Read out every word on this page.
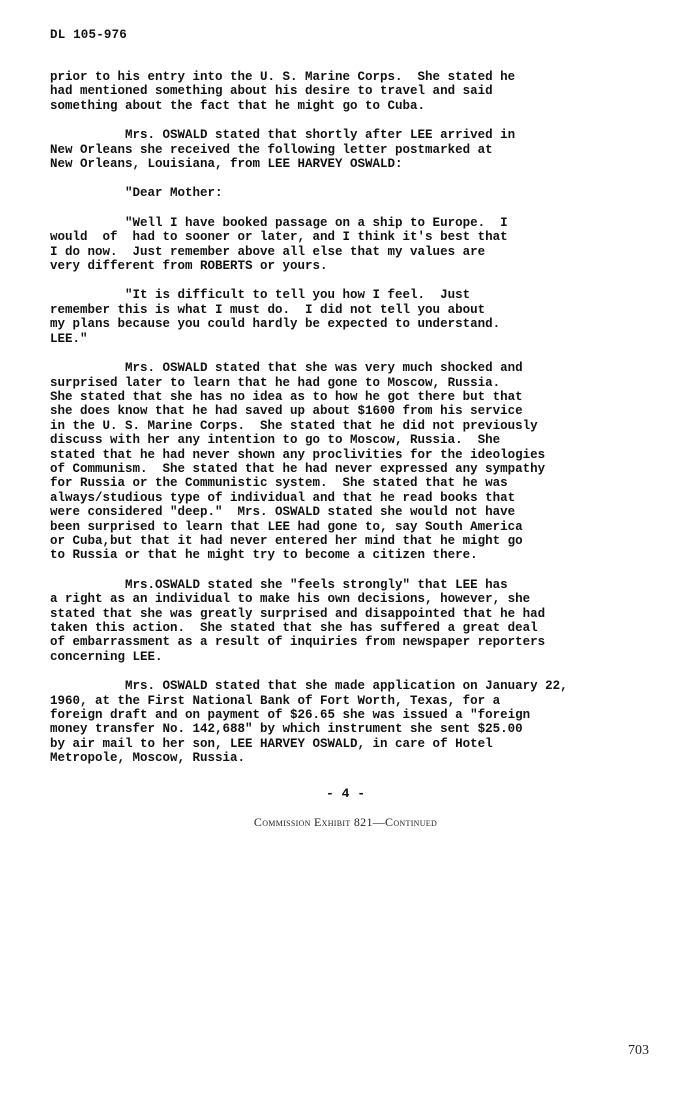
DL 105-976

prior to his entry into the U. S. Marine Corps.  She stated he
had mentioned something about his desire to travel and said
something about the fact that he might go to Cuba.

Mrs. OSWALD stated that shortly after LEE arrived in
New Orleans she received the following letter postmarked at
New Orleans, Louisiana, from LEE HARVEY OSWALD:

"Dear Mother:

"Well I have booked passage on a ship to Europe.  I
would  of  had to sooner or later, and I think it's best that
I do now.  Just remember above all else that my values are
very different from ROBERTS or yours.

"It is difficult to tell you how I feel.  Just
remember this is what I must do.  I did not tell you about
my plans because you could hardly be expected to understand.
LEE."

Mrs. OSWALD stated that she was very much shocked and
surprised later to learn that he had gone to Moscow, Russia.
She stated that she has no idea as to how he got there but that
she does know that he had saved up about $1600 from his service
in the U. S. Marine Corps.  She stated that he did not previously
discuss with her any intention to go to Moscow, Russia.  She
stated that he had never shown any proclivities for the ideologies
of Communism.  She stated that he had never expressed any sympathy
for Russia or the Communistic system.  She stated that he was
always/studious type of individual and that he read books that
were considered "deep."  Mrs. OSWALD stated she would not have
been surprised to learn that LEE had gone to, say South America
or Cuba,but that it had never entered her mind that he might go
to Russia or that he might try to become a citizen there.

Mrs.OSWALD stated she "feels strongly" that LEE has
a right as an individual to make his own decisions, however, she
stated that she was greatly surprised and disappointed that he had
taken this action.  She stated that she has suffered a great deal
of embarrassment as a result of inquiries from newspaper reporters
concerning LEE.

Mrs. OSWALD stated that she made application on January 22,
1960, at the First National Bank of Fort Worth, Texas, for a
foreign draft and on payment of $26.65 she was issued a "foreign
money transfer No. 142,688" by which instrument she sent $25.00
by air mail to her son, LEE HARVEY OSWALD, in care of Hotel
Metropole, Moscow, Russia.

- 4 -
Commission Exhibit 821—Continued
703
